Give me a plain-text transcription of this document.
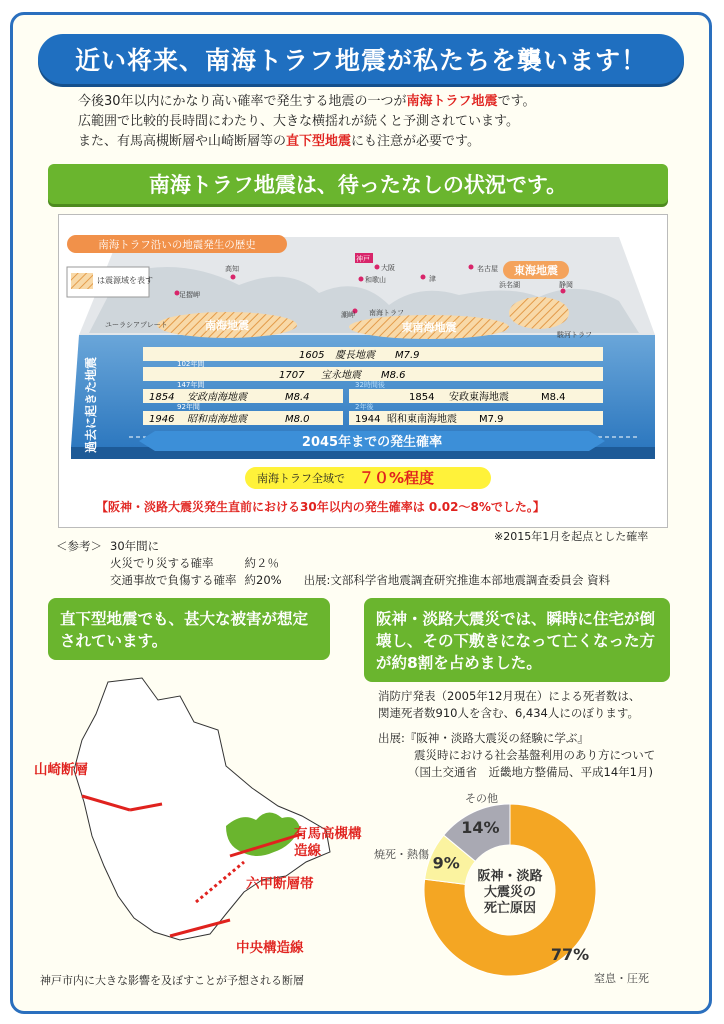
近い将来、南海トラフ地震が私たちを襲います！
今後30年以内にかなり高い確率で発生する地震の一つが南海トラフ地震です。
広範囲で比較的長時間にわたり、大きな横揺れが続くと予測されています。
また、有馬高槻断層や山崎断層等の直下型地震にも注意が必要です。
南海トラフ地震は、待ったなしの状況です。
南海地震	東南海地震
東海地震
足摺岬
高知
神戸
大阪
和歌山	津
名古屋
浜名湖	静岡
潮岬
ユーラシアプレート
南海トラフ
駿河トラフ
南海トラフ沿いの地震発生の歴史
は震源域を表す
過去に起きた地震
1605 慶長地震 M7.9
1707 宝永地震 M8.6
1854 安政南海地震	M8.4	1854 安政東海地震	M8.4
1946 昭和南海地震	M8.0	1944 昭和東南海地震 M7.9
102年間
147年間
92年間
32時間後
2年後
2045年までの発生確率
南海トラフ全域で ７０%程度
【阪神・淡路大震災発生直前における30年以内の発生確率は 0.02〜8%でした。】
※2015年1月を起点とした確率
＜参考＞	30年間に		
	火災でり災する確率	約２％	
	交通事故で負傷する確率	約20%	出展:文部科学省地震調査研究推進本部地震調査委員会 資料
直下型地震でも、甚大な被害が想定されています。
阪神・淡路大震災では、瞬時に住宅が倒壊し、その下敷きになって亡くなった方が約8割を占めました。
山崎断層
有馬高槻構造線
六甲断層帯
中央構造線
神戸市内に大きな影響を及ぼすことが予想される断層
消防庁発表（2005年12月現在）による死者数は、
関連死者数910人を含む、6,434人にのぼります。
出展:『阪神・淡路大震災の経験に学ぶ』
震災時における社会基盤利用のあり方について
（国土交通省　近畿地方整備局、平成14年1月)
阪神・淡路
大震災の
死亡原因
77%
9%
14%
その他
焼死・熱傷
窒息・圧死
